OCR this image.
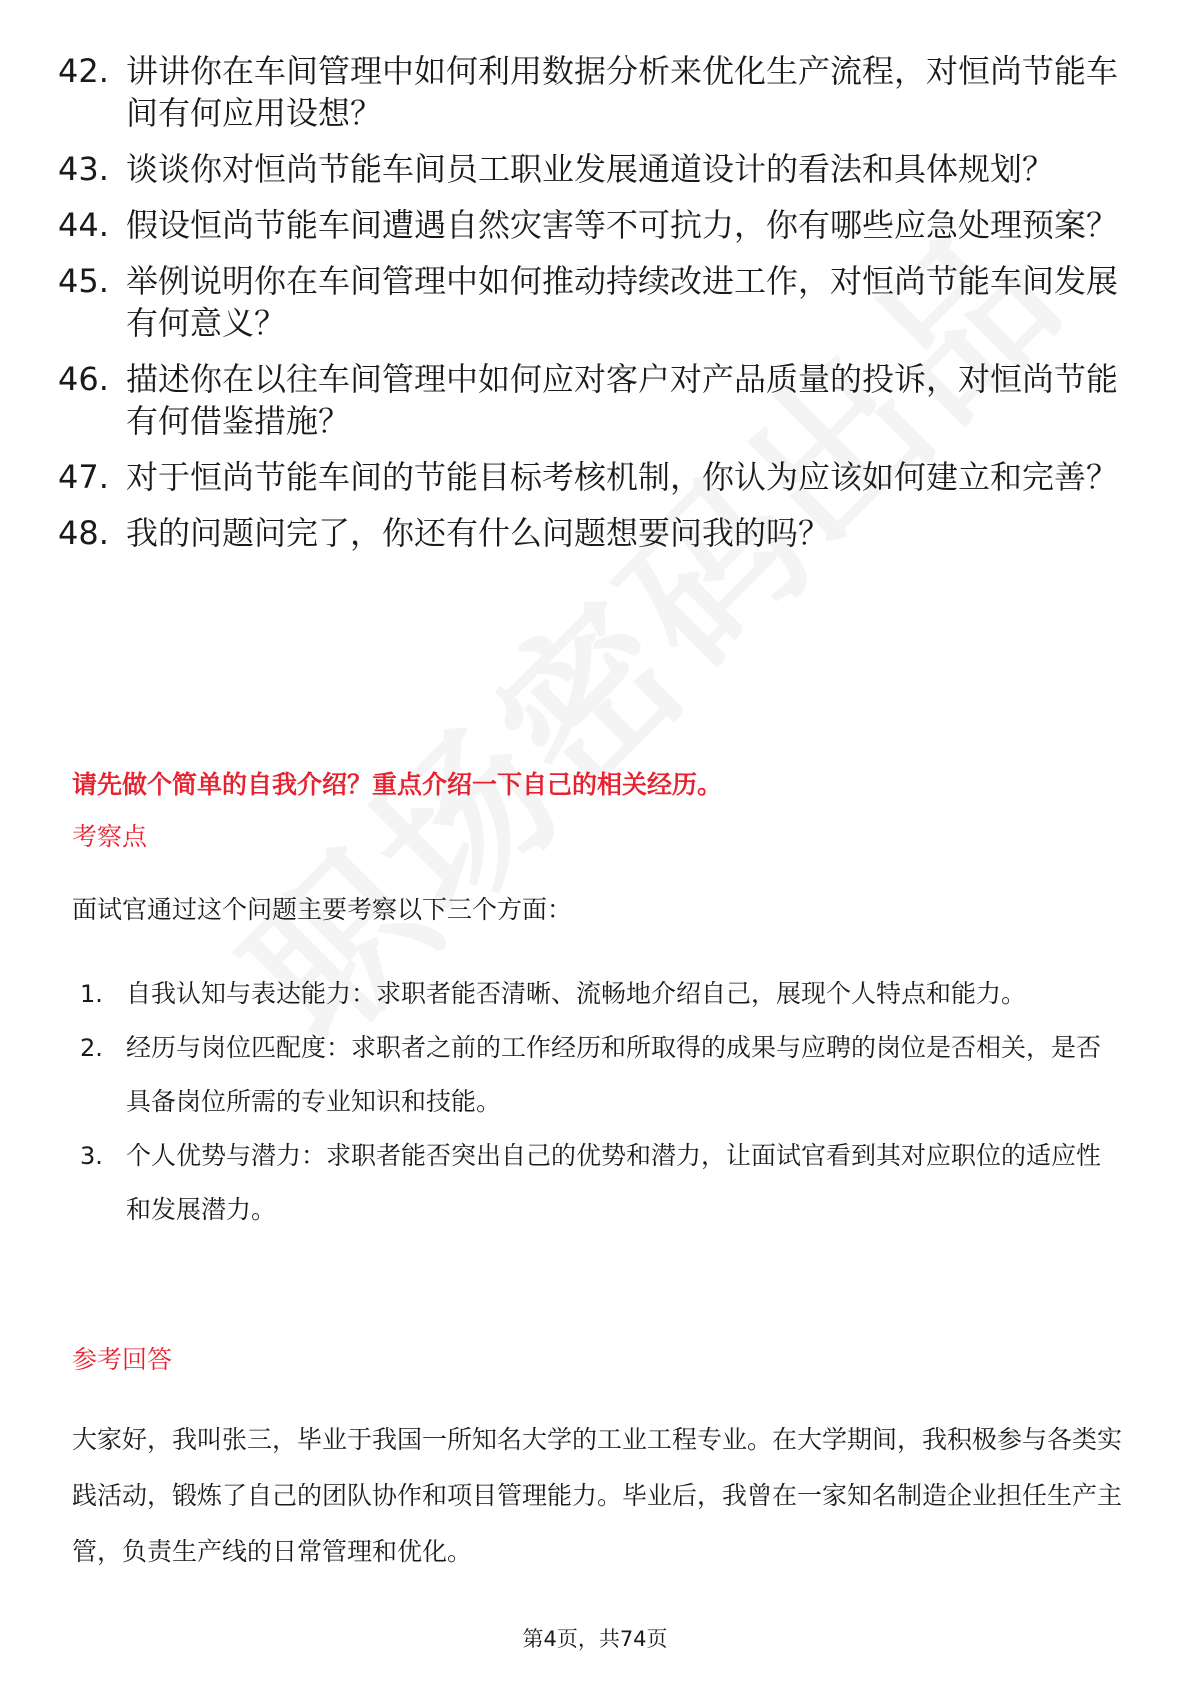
42. 讲讲你在车间管理中如何利用数据分析来优化生产流程，对恒尚节能车间有何应用设想？
43. 谈谈你对恒尚节能车间员工职业发展通道设计的看法和具体规划？
44. 假设恒尚节能车间遭遇自然灾害等不可抗力，你有哪些应急处理预案？
45. 举例说明你在车间管理中如何推动持续改进工作，对恒尚节能车间发展有何意义？
46. 描述你在以往车间管理中如何应对客户对产品质量的投诉，对恒尚节能有何借鉴措施？
47. 对于恒尚节能车间的节能目标考核机制，你认为应该如何建立和完善？
48. 我的问题问完了，你还有什么问题想要问我的吗？
请先做个简单的自我介绍？重点介绍一下自己的相关经历。
考察点
面试官通过这个问题主要考察以下三个方面：
1. 自我认知与表达能力：求职者能否清晰、流畅地介绍自己，展现个人特点和能力。
2. 经历与岗位匹配度：求职者之前的工作经历和所取得的成果与应聘的岗位是否相关，是否具备岗位所需的专业知识和技能。
3. 个人优势与潜力：求职者能否突出自己的优势和潜力，让面试官看到其对应职位的适应性和发展潜力。
参考回答
大家好，我叫张三，毕业于我国一所知名大学的工业工程专业。在大学期间，我积极参与各类实践活动，锻炼了自己的团队协作和项目管理能力。毕业后，我曾在一家知名制造企业担任生产主管，负责生产线的日常管理和优化。
第4页，共74页
